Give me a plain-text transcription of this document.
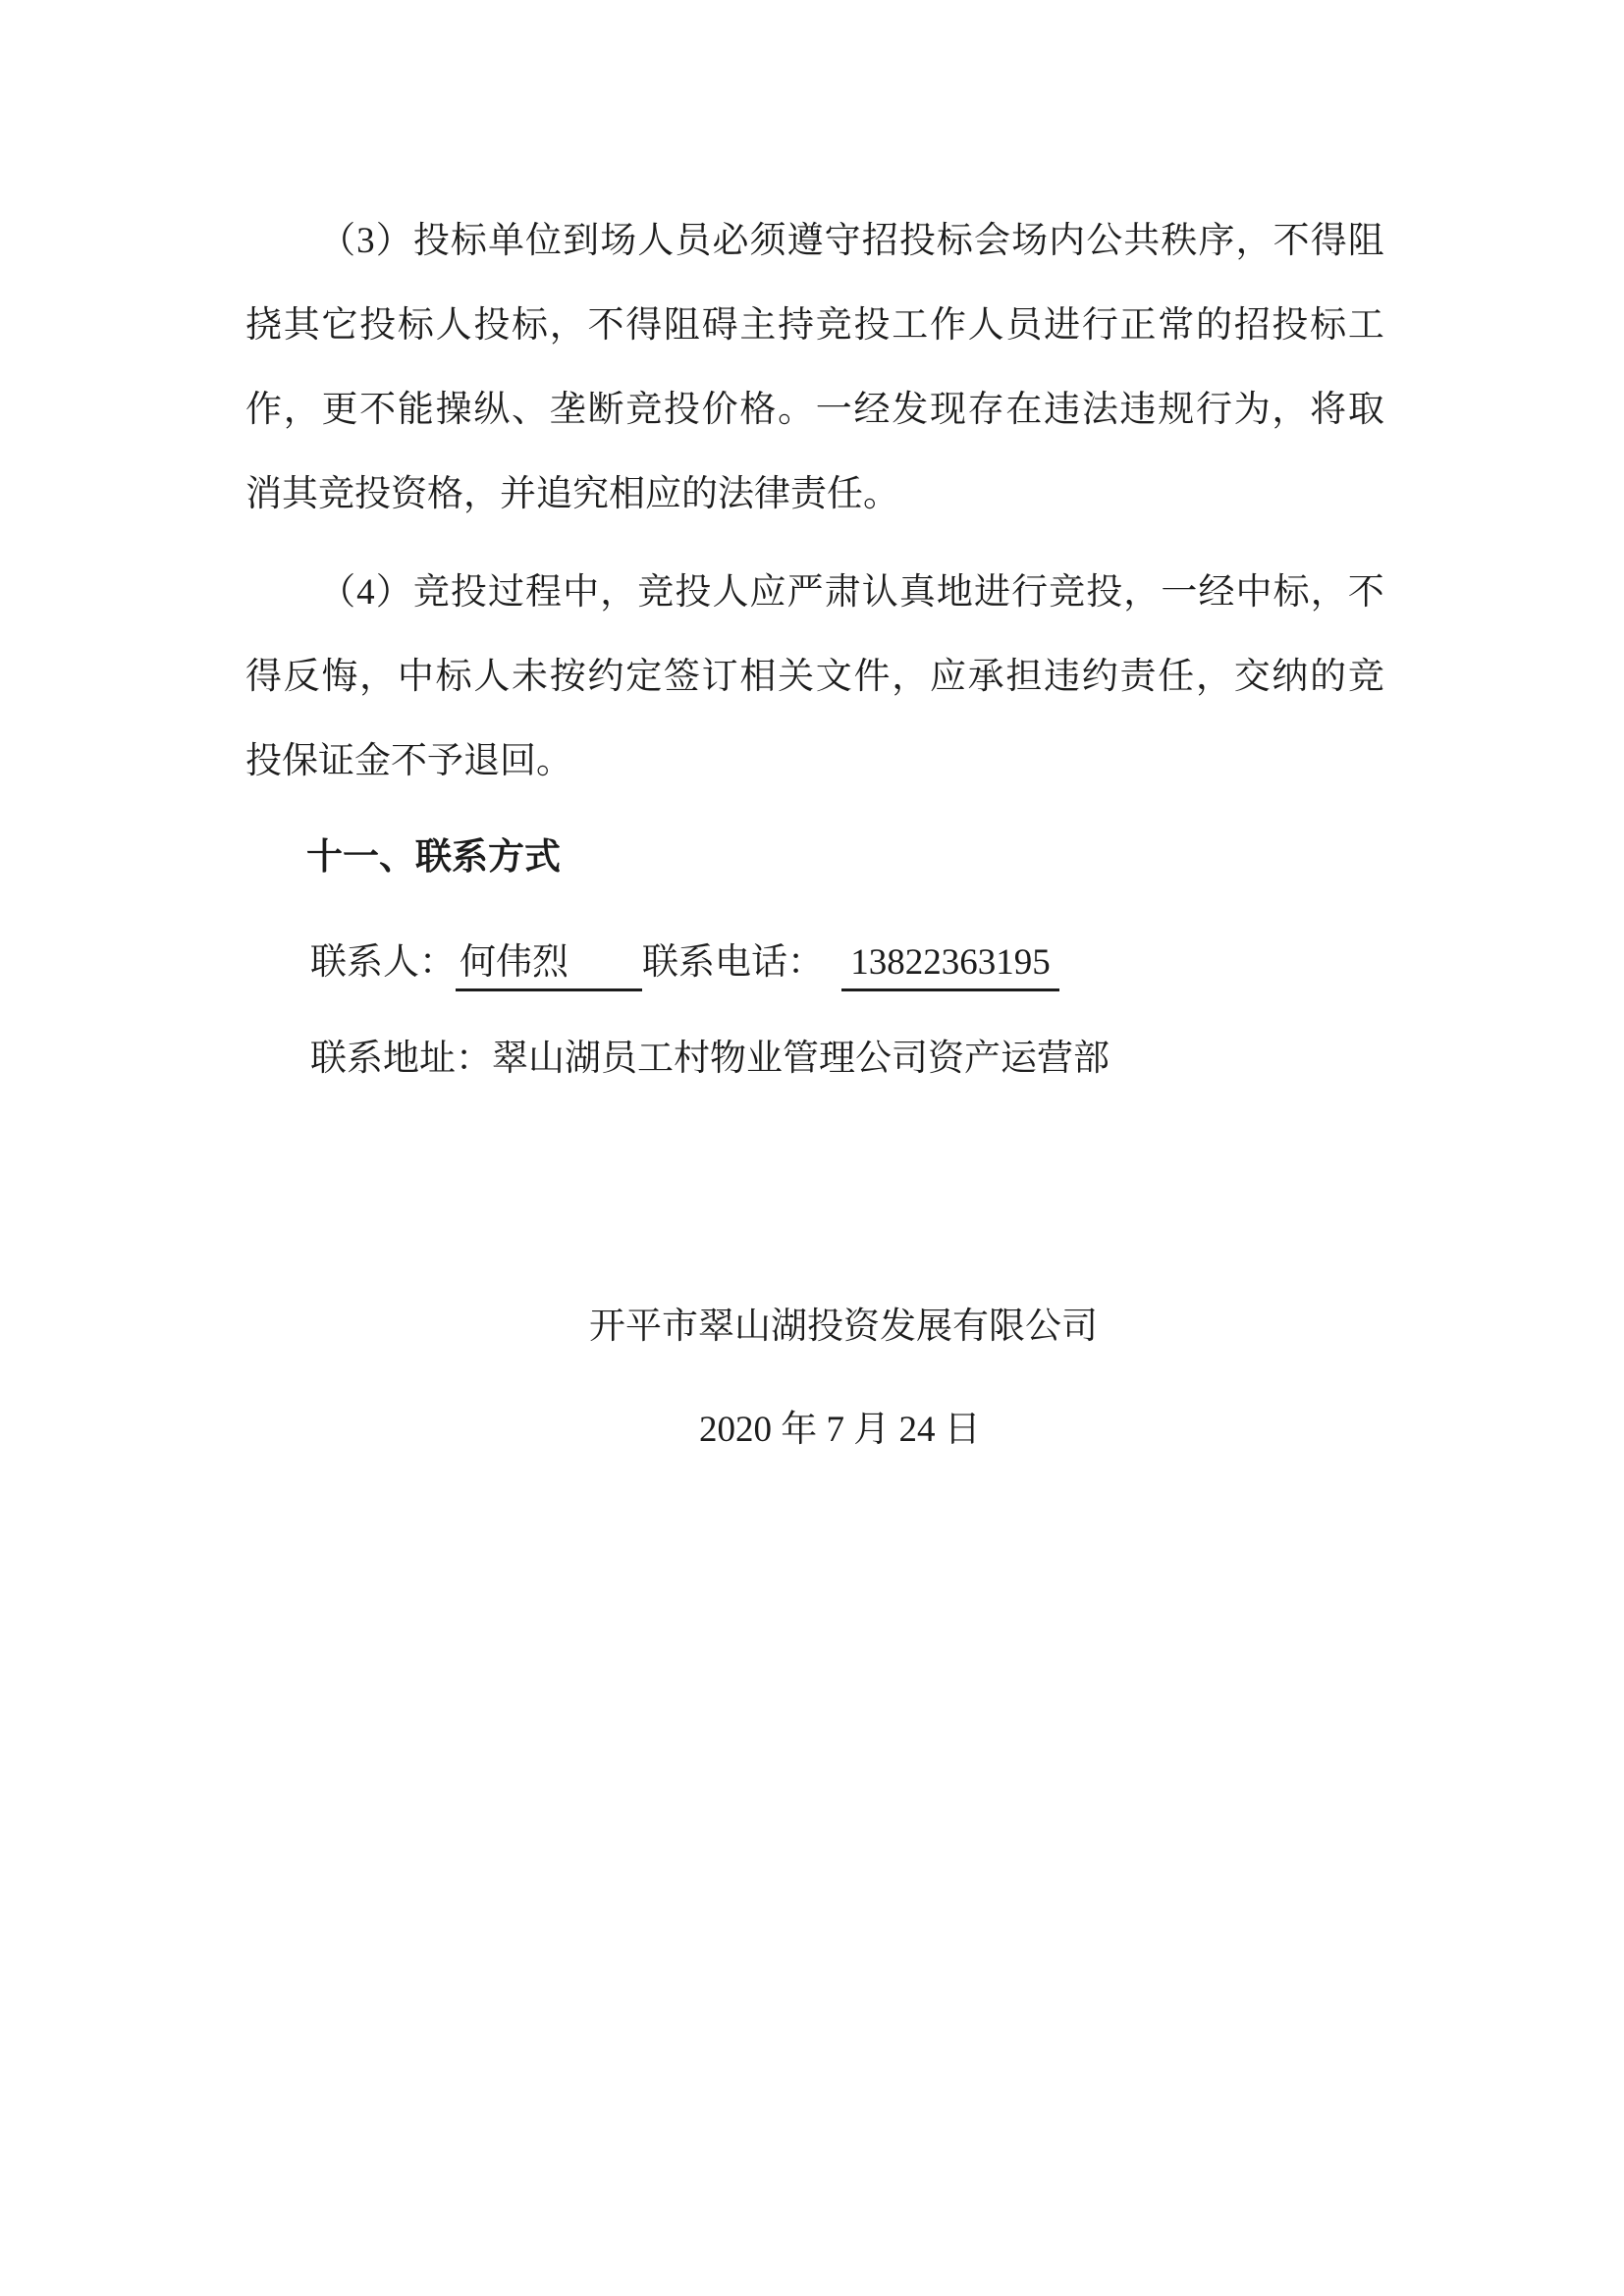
（ 3 ） 投 标 单 位 到 场 人 员 必 须 遵 守 招 投 标 会 场 内 公 共 秩 序 ， 不 得 阻
挠 其 它 投 标 人 投 标 ， 不 得 阻 碍 主 持 竞 投 工 作 人 员 进 行 正 常 的 招 投 标 工
作 ， 更 不 能 操 纵 、 垄 断 竞 投 价 格 。 一 经 发 现 存 在 违 法 违 规 行 为 ， 将 取
消其竞投资格，并追究相应的法律责任。
（ 4 ） 竞 投 过 程 中 ， 竞 投 人 应 严 肃 认 真 地 进 行 竞 投 ， 一 经 中 标 ， 不
得 反 悔 ， 中 标 人 未 按 约 定 签 订 相 关 文 件 ， 应 承 担 违 约 责 任 ， 交 纳 的 竞
投保证金不予退回。
十一、联系方式
联系人： 何伟烈 联系电话： 13822363195
联系地址：翠山湖员工村物业管理公司资产运营部
开平市翠山湖投资发展有限公司
2020 年 7 月 24 日
